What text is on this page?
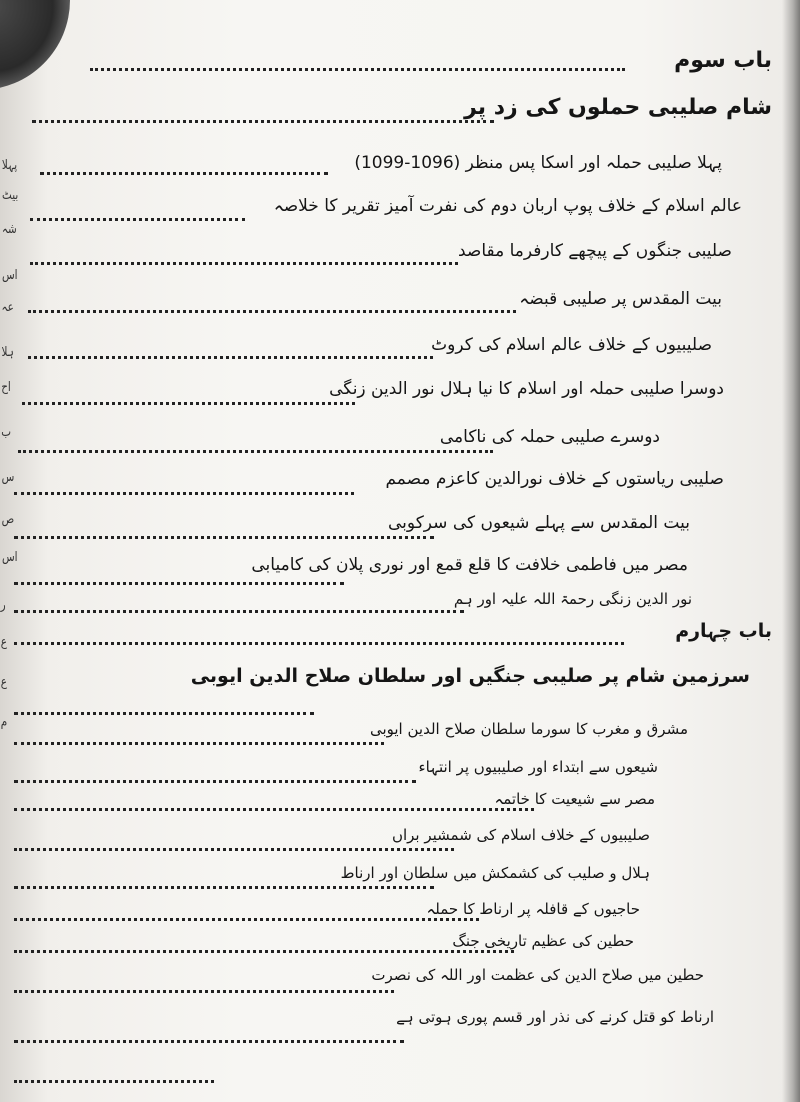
پہلا
بیٹ
شہ
اس
عہ
ہلا
اح
ب
س
ص
اس
ر
ع
ع
م
باب سوم
شام صلیبی حملوں کی زد پر
پہلا صلیبی حملہ اور اسکا پس منظر (1096-1099)
عالم اسلام کے خلاف پوپ اربان دوم کی نفرت آمیز تقریر کا خلاصہ
صلیبی جنگوں کے پیچھے کارفرما مقاصد
بیت المقدس پر صلیبی قبضہ
صلیبیوں کے خلاف عالم اسلام کی کروٹ
دوسرا صلیبی حملہ اور اسلام کا نیا ہلال نور الدین زنگی
دوسرے صلیبی حملہ کی ناکامی
صلیبی ریاستوں کے خلاف نورالدین کاعزم مصمم
بیت المقدس سے پہلے شیعوں کی سرکوبی
مصر میں فاطمی خلافت کا قلع قمع اور نوری پلان کی کامیابی
نور الدین زنگی رحمۃ اللہ علیہ اور ہم
باب چہارم
سرزمین شام پر صلیبی جنگیں اور سلطان صلاح الدین ایوبی
مشرق و مغرب کا سورما سلطان صلاح الدین ایوبی
شیعوں سے ابتداء اور صلیبیوں پر انتہاء
مصر سے شیعیت کا خاتمہ
صلیبیوں کے خلاف اسلام کی شمشیر براں
ہلال و صلیب کی کشمکش میں سلطان اور ارناط
حاجیوں کے قافلہ پر ارناط کا حملہ
حطین کی عظیم تاریخی جنگ
حطین میں صلاح الدین کی عظمت اور اللہ کی نصرت
ارناط کو قتل کرنے کی نذر اور قسم پوری ہوتی ہے
